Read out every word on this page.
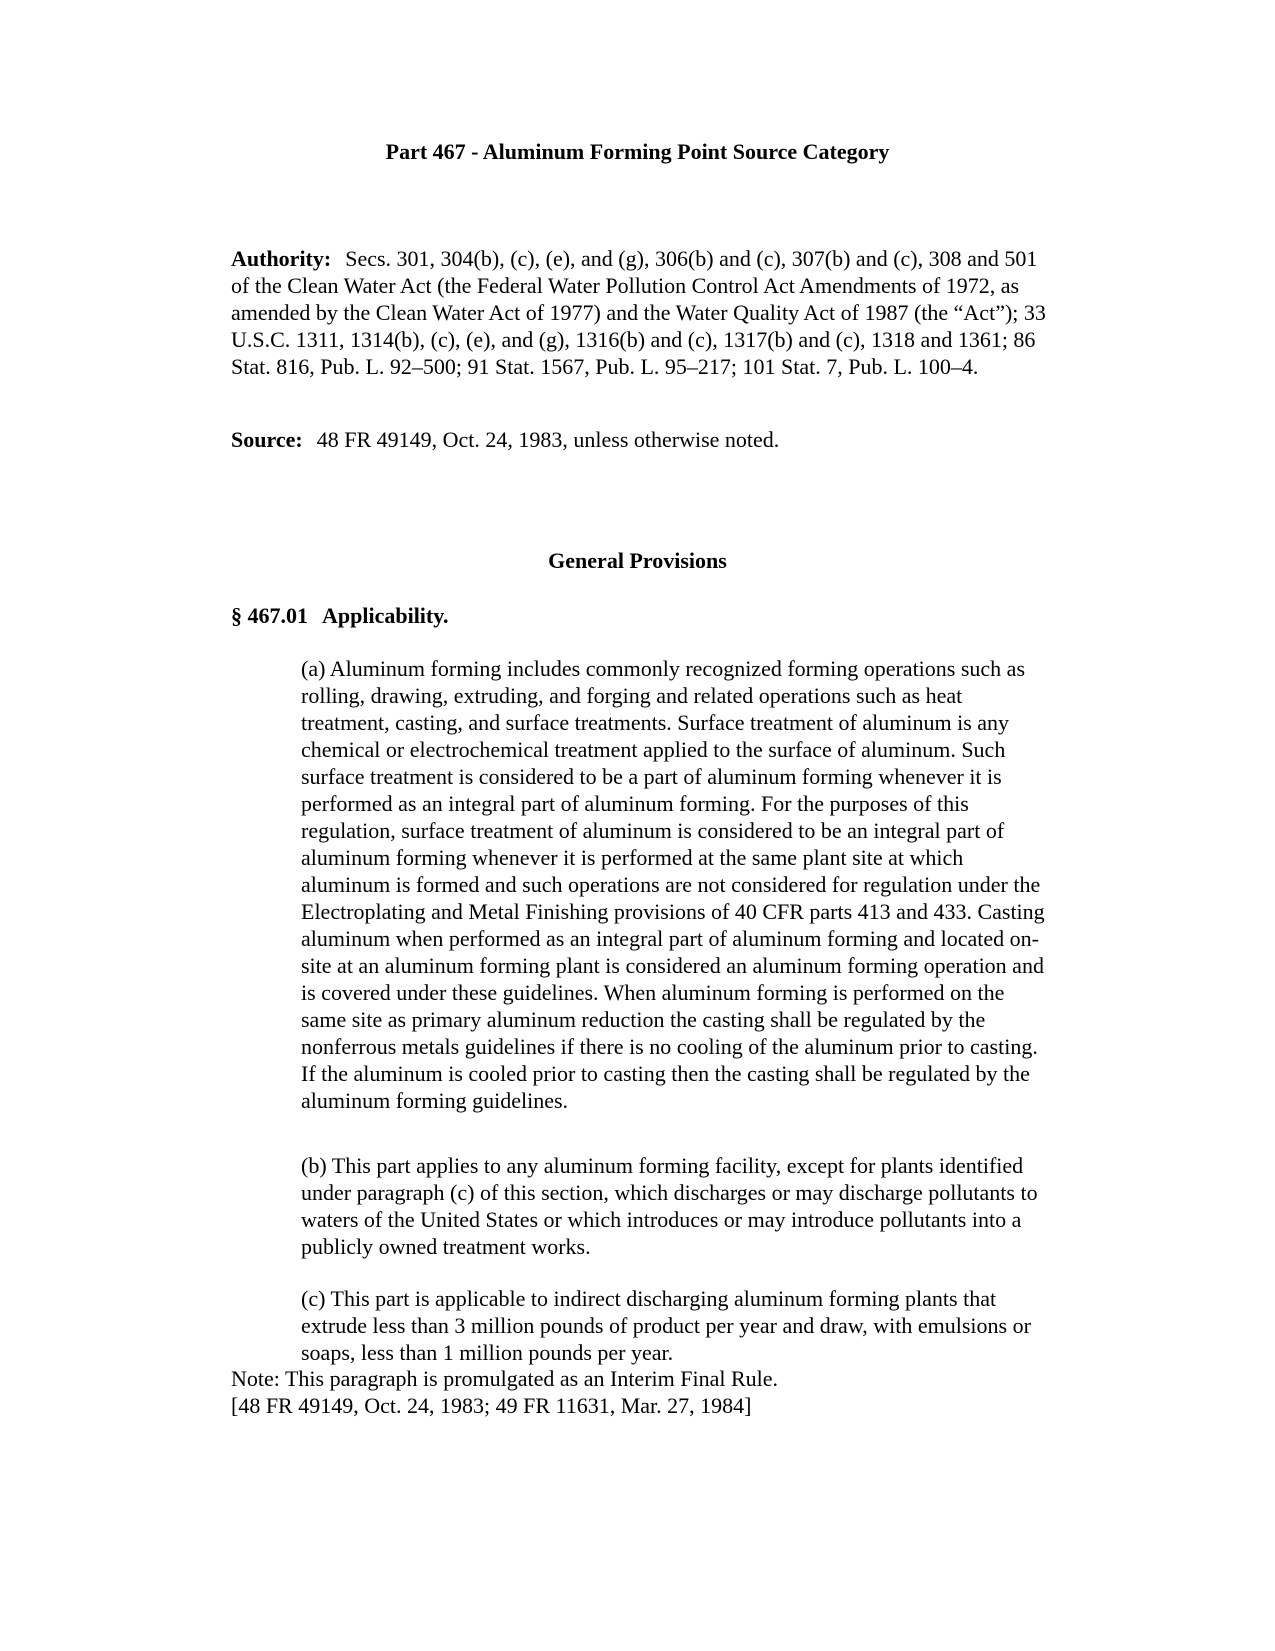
Part 467 - Aluminum Forming Point Source Category

Authority: Secs. 301, 304(b), (c), (e), and (g), 306(b) and (c), 307(b) and (c), 308 and 501 of the Clean Water Act (the Federal Water Pollution Control Act Amendments of 1972, as amended by the Clean Water Act of 1977) and the Water Quality Act of 1987 (the “Act”); 33 U.S.C. 1311, 1314(b), (c), (e), and (g), 1316(b) and (c), 1317(b) and (c), 1318 and 1361; 86 Stat. 816, Pub. L. 92–500; 91 Stat. 1567, Pub. L. 95–217; 101 Stat. 7, Pub. L. 100–4.

Source: 48 FR 49149, Oct. 24, 1983, unless otherwise noted.

General Provisions
§ 467.01 Applicability.

(a) Aluminum forming includes commonly recognized forming operations such as rolling, drawing, extruding, and forging and related operations such as heat treatment, casting, and surface treatments. Surface treatment of aluminum is any chemical or electrochemical treatment applied to the surface of aluminum. Such surface treatment is considered to be a part of aluminum forming whenever it is performed as an integral part of aluminum forming. For the purposes of this regulation, surface treatment of aluminum is considered to be an integral part of aluminum forming whenever it is performed at the same plant site at which aluminum is formed and such operations are not considered for regulation under the Electroplating and Metal Finishing provisions of 40 CFR parts 413 and 433. Casting aluminum when performed as an integral part of aluminum forming and located on-site at an aluminum forming plant is considered an aluminum forming operation and is covered under these guidelines. When aluminum forming is performed on the same site as primary aluminum reduction the casting shall be regulated by the nonferrous metals guidelines if there is no cooling of the aluminum prior to casting. If the aluminum is cooled prior to casting then the casting shall be regulated by the aluminum forming guidelines.

(b) This part applies to any aluminum forming facility, except for plants identified under paragraph (c) of this section, which discharges or may discharge pollutants to waters of the United States or which introduces or may introduce pollutants into a publicly owned treatment works.

(c) This part is applicable to indirect discharging aluminum forming plants that extrude less than 3 million pounds of product per year and draw, with emulsions or soaps, less than 1 million pounds per year.

Note: This paragraph is promulgated as an Interim Final Rule.

[48 FR 49149, Oct. 24, 1983; 49 FR 11631, Mar. 27, 1984]
